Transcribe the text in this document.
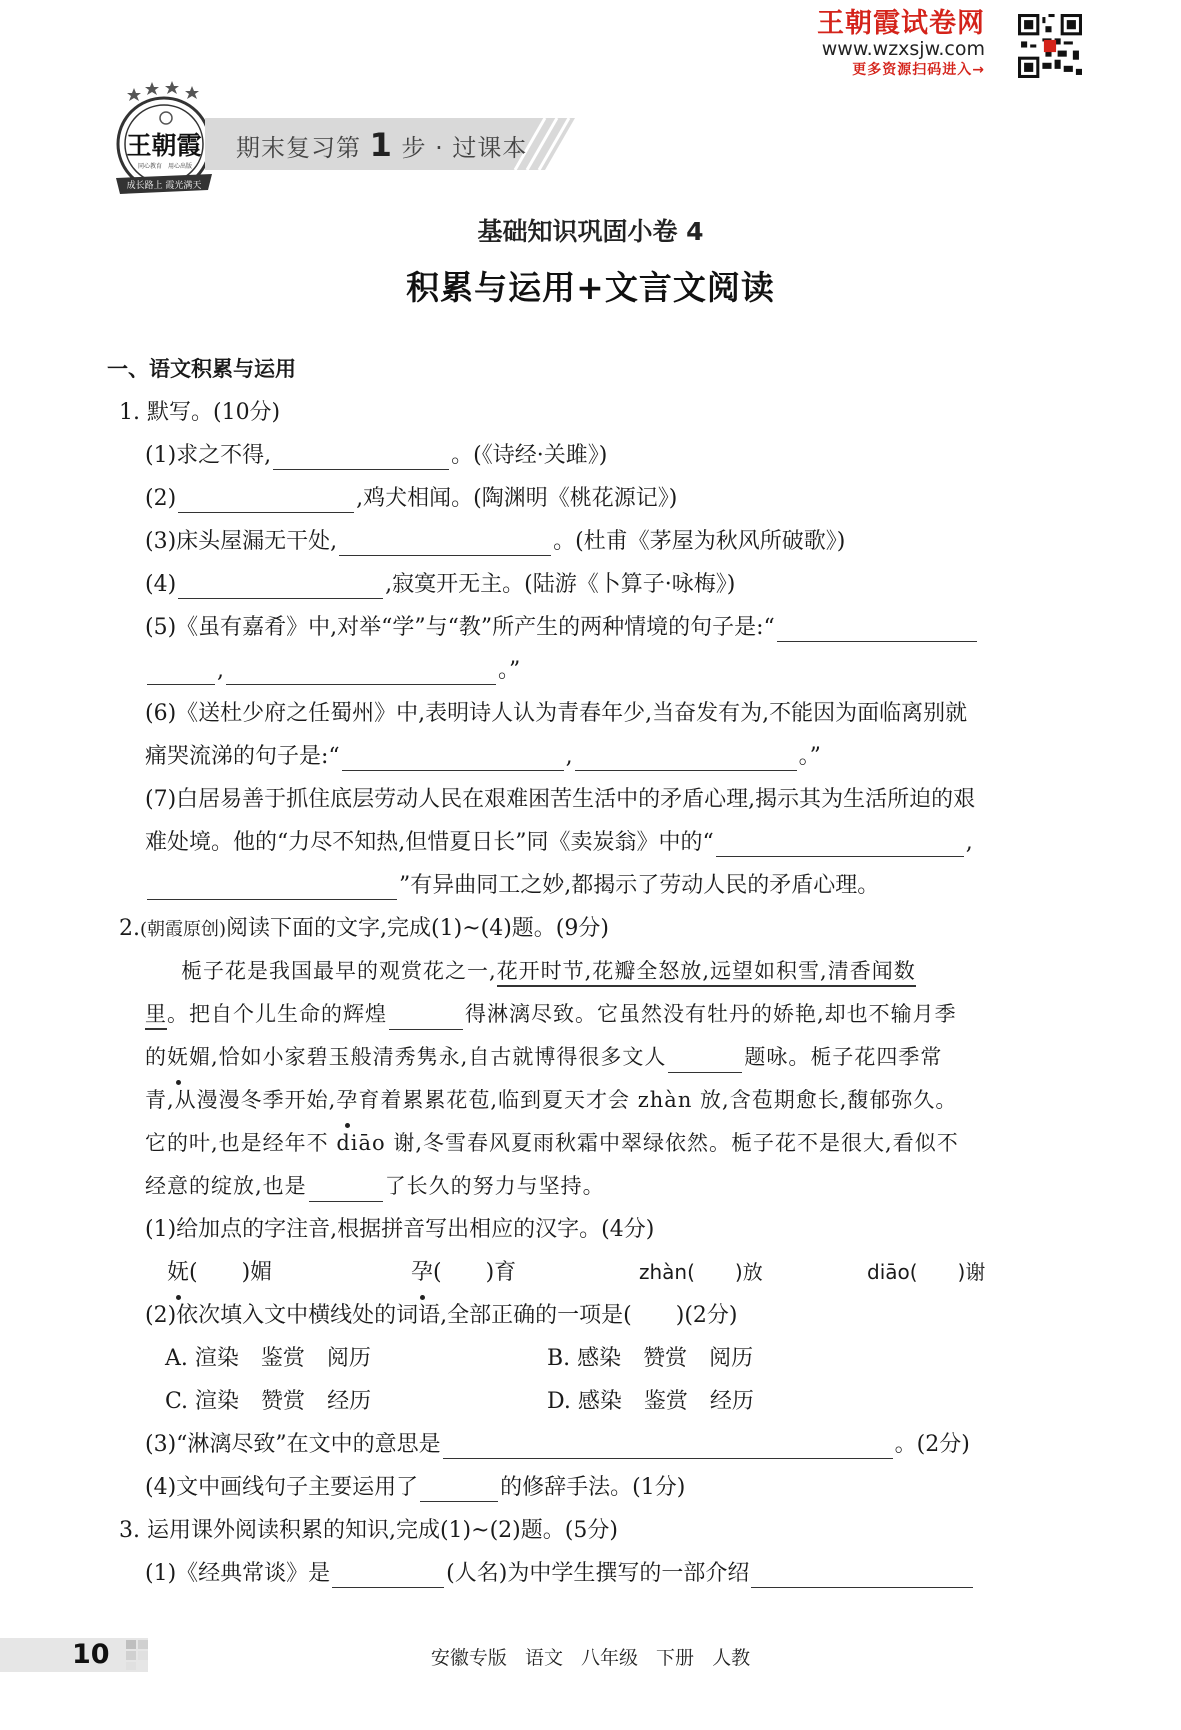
王朝霞试卷网
www.wzxsjw.com
更多资源扫码进入→
王朝霞
同心教育 用心出版
成长路上 霞光满天
期末复习第 1 步 · 过课本
基础知识巩固小卷 4
积累与运用+文言文阅读
一、语文积累与运用
1. 默写。(10分)
(1)求之不得,	。(《诗经·关雎》)
(2)	,鸡犬相闻。(陶渊明《桃花源记》)
(3)床头屋漏无干处,	。(杜甫《茅屋为秋风所破歌》)
(4)	,寂寞开无主。(陆游《卜算子·咏梅》)
(5)《虽有嘉肴》中,对举“学”与“教”所产生的两种情境的句子是:“
,	。”
(6)《送杜少府之任蜀州》中,表明诗人认为青春年少,当奋发有为,不能因为面临离别就
痛哭流涕的句子是:“	,	。”
(7)白居易善于抓住底层劳动人民在艰难困苦生活中的矛盾心理,揭示其为生活所迫的艰
难处境。他的“力尽不知热,但惜夏日长”同《卖炭翁》中的“	,
”有异曲同工之妙,都揭示了劳动人民的矛盾心理。
2.(朝霞原创)阅读下面的文字,完成(1)~(4)题。(9分)
栀子花是我国最早的观赏花之一,花开时节,花瓣全怒放,远望如积雪,清香闻数
里。把自个儿生命的辉煌	得淋漓尽致。它虽然没有牡丹的娇艳,却也不输月季
的妩媚,恰如小家碧玉般清秀隽永,自古就博得很多文人	题咏。栀子花四季常
青,从漫漫冬季开始,孕育着累累花苞,临到夏天才会 zhàn 放,含苞期愈长,馥郁弥久。
它的叶,也是经年不 diāo 谢,冬雪春风夏雨秋霜中翠绿依然。栀子花不是很大,看似不
经意的绽放,也是	了长久的努力与坚持。
(1)给加点的字注音,根据拼音写出相应的汉字。(4分)
妩(　　)媚	孕(　　)育	zhàn(　　)放	diāo(　　)谢
(2)依次填入文中横线处的词语,全部正确的一项是(　　)(2分)
A. 渲染 鉴赏 阅历	B. 感染 赞赏 阅历
C. 渲染 赞赏 经历	D. 感染 鉴赏 经历
(3)“淋漓尽致”在文中的意思是	。(2分)
(4)文中画线句子主要运用了	的修辞手法。(1分)
3. 运用课外阅读积累的知识,完成(1)~(2)题。(5分)
(1)《经典常谈》是	(人名)为中学生撰写的一部介绍
10	安徽专版 语文 八年级 下册 人教
